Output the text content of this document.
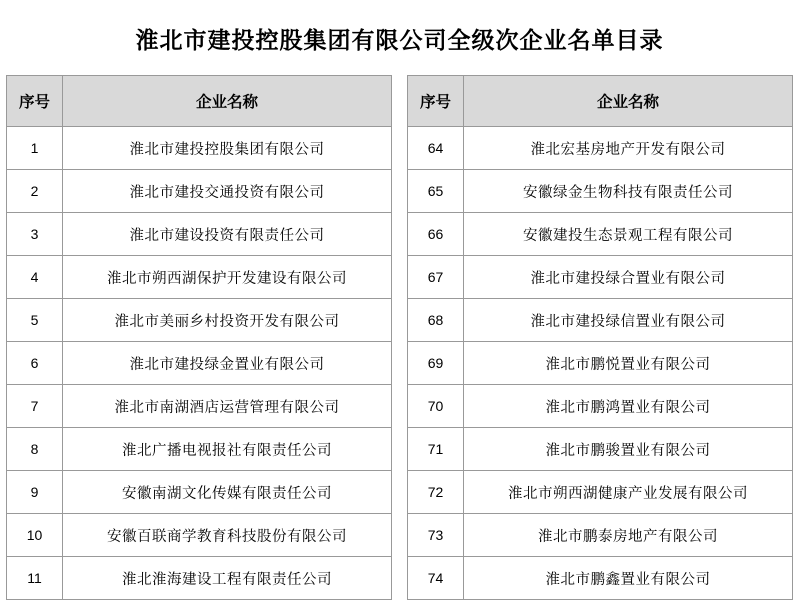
淮北市建投控股集团有限公司全级次企业名单目录
序号	企业名称
1	淮北市建投控股集团有限公司
2	淮北市建投交通投资有限公司
3	淮北市建设投资有限责任公司
4	淮北市朔西湖保护开发建设有限公司
5	淮北市美丽乡村投资开发有限公司
6	淮北市建投绿金置业有限公司
7	淮北市南湖酒店运营管理有限公司
8	淮北广播电视报社有限责任公司
9	安徽南湖文化传媒有限责任公司
10	安徽百联商学教育科技股份有限公司
11	淮北淮海建设工程有限责任公司
序号	企业名称
64	淮北宏基房地产开发有限公司
65	安徽绿金生物科技有限责任公司
66	安徽建投生态景观工程有限公司
67	淮北市建投绿合置业有限公司
68	淮北市建投绿信置业有限公司
69	淮北市鹏悦置业有限公司
70	淮北市鹏鸿置业有限公司
71	淮北市鹏骏置业有限公司
72	淮北市朔西湖健康产业发展有限公司
73	淮北市鹏泰房地产有限公司
74	淮北市鹏鑫置业有限公司
